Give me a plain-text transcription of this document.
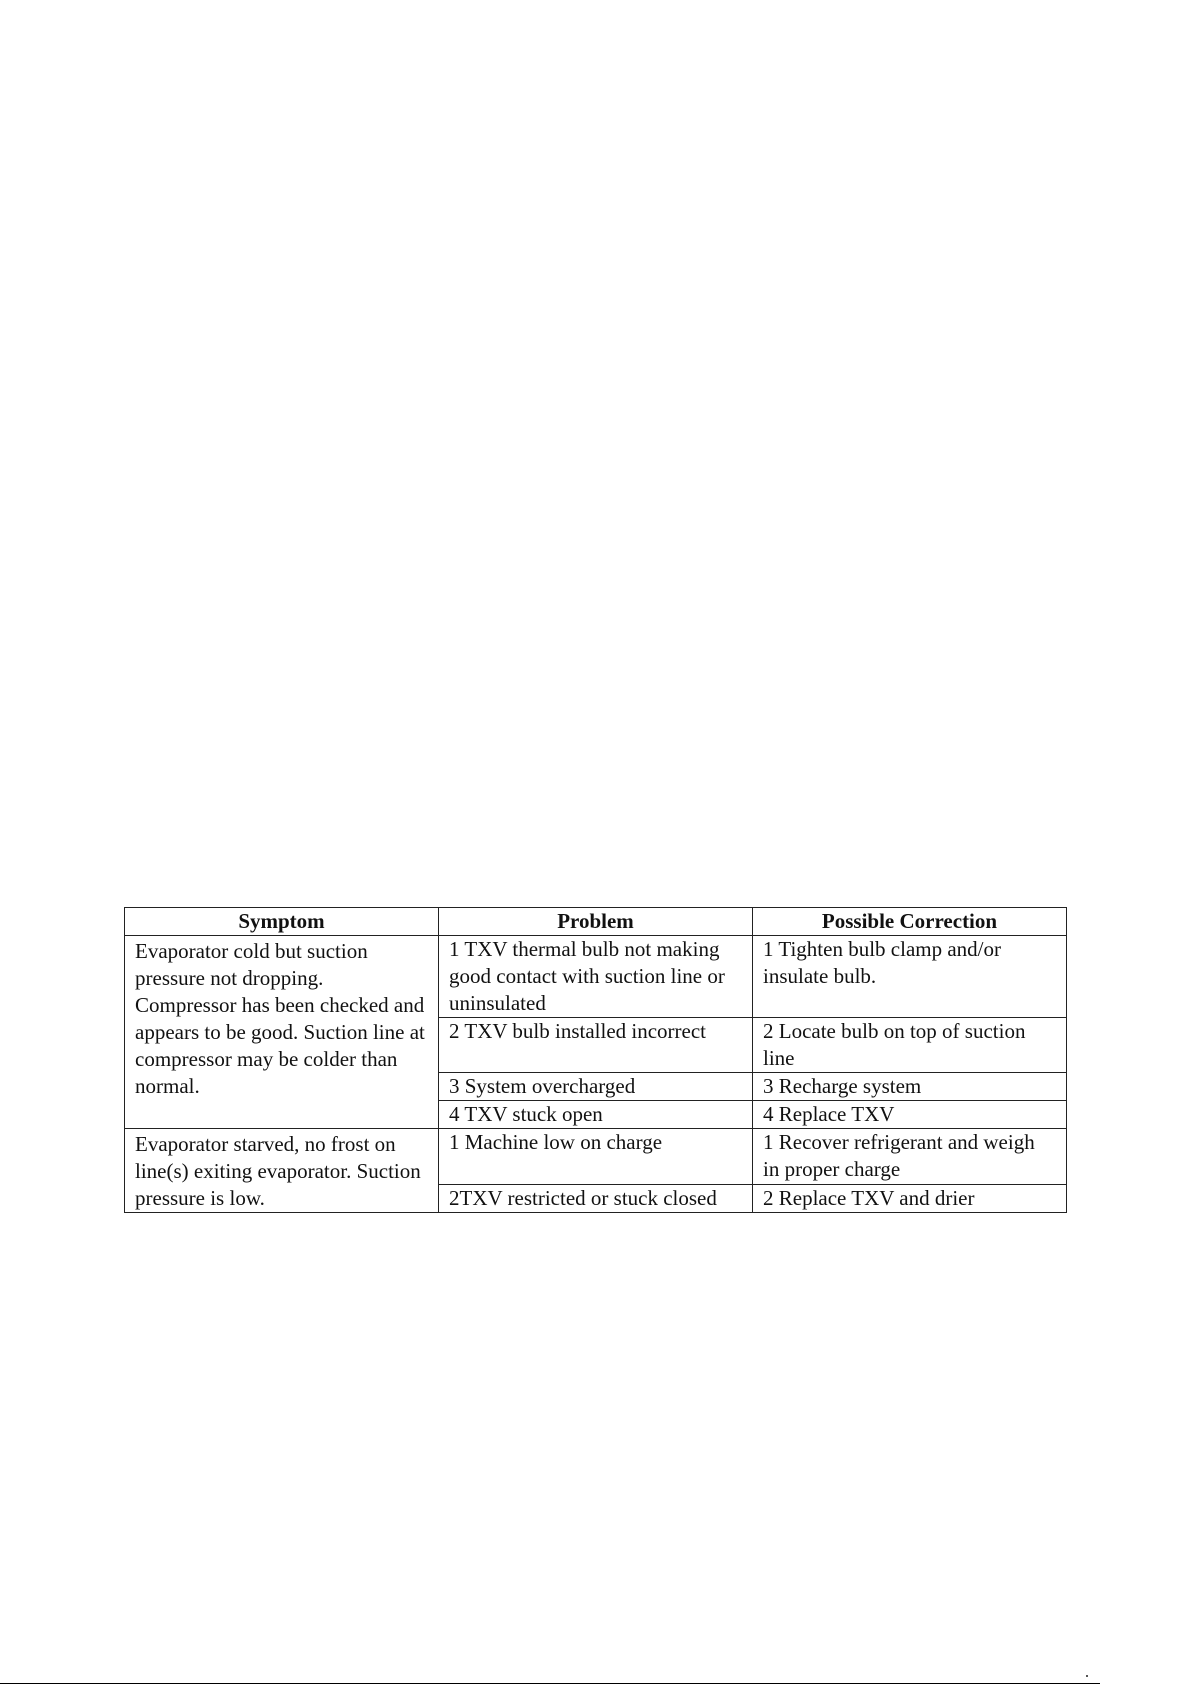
Symptom	Problem	Possible Correction
Evaporator cold but suction pressure not dropping. Compressor has been checked and appears to be good. Suction line at compressor may be colder than normal.	1 TXV thermal bulb not making good contact with suction line or uninsulated	1 Tighten bulb clamp and/or insulate bulb.
	2 TXV bulb installed incorrect	2 Locate bulb on top of suction line
	3 System overcharged	3 Recharge system
	4 TXV stuck open	4 Replace TXV
Evaporator starved, no frost on line(s) exiting evaporator. Suction pressure is low.	1 Machine low on charge	1 Recover refrigerant and weigh in proper charge
	2TXV restricted or stuck closed	2 Replace TXV and drier
